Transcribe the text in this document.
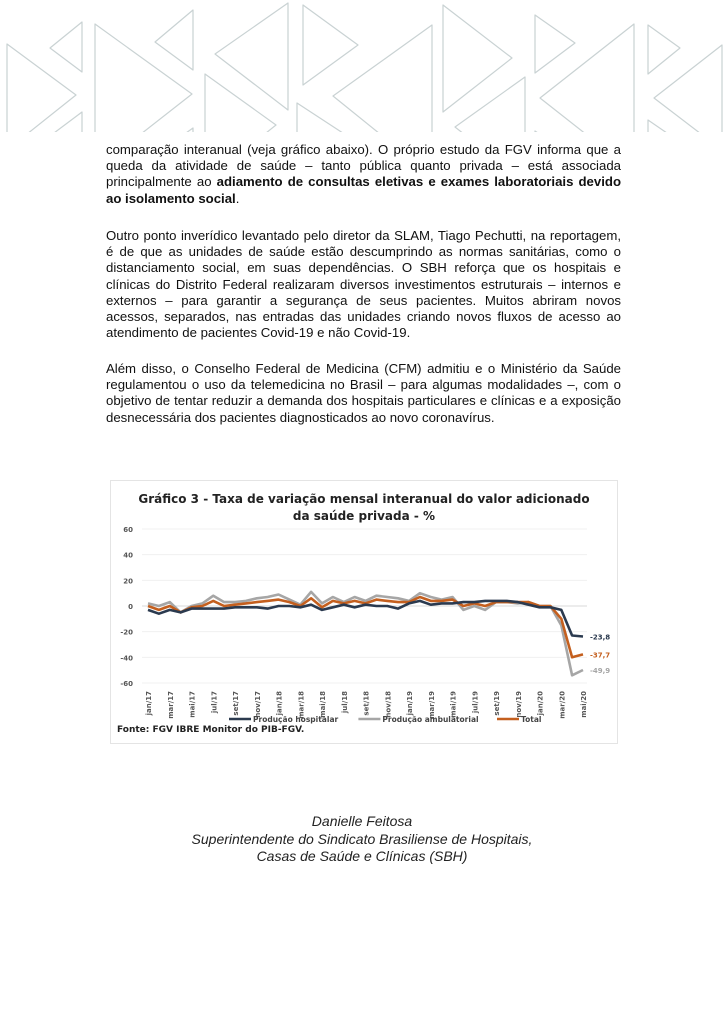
comparação interanual (veja gráfico abaixo). O próprio estudo da FGV informa que a queda da atividade de saúde – tanto pública quanto privada – está associada principalmente ao adiamento de consultas eletivas e exames laboratoriais devido ao isolamento social.
Outro ponto inverídico levantado pelo diretor da SLAM, Tiago Pechutti, na reportagem, é de que as unidades de saúde estão descumprindo as normas sanitárias, como o distanciamento social, em suas dependências. O SBH reforça que os hospitais e clínicas do Distrito Federal realizaram diversos investimentos estruturais – internos e externos – para garantir a segurança de seus pacientes. Muitos abriram novos acessos, separados, nas entradas das unidades criando novos fluxos de acesso ao atendimento de pacientes Covid-19 e não Covid-19.
Além disso, o Conselho Federal de Medicina (CFM) admitiu e o Ministério da Saúde regulamentou o uso da telemedicina no Brasil – para algumas modalidades –, com o objetivo de tentar reduzir a demanda dos hospitais particulares e clínicas e a exposição desnecessária dos pacientes diagnosticados ao novo coronavírus.
Gráfico 3 - Taxa de variação mensal interanual do valor adicionado
da saúde privada - %
60
40
20
0
-20
-40
-60
jan/17 mar/17 mai/17 jul/17 set/17 nov/17 jan/18 mar/18 mai/18 jul/18 set/18 nov/18 jan/19 mar/19 mai/19 jul/19 set/19 nov/19 jan/20 mar/20 mai/20
-23,8
-37,7
-49,9
Produção hospitalar	Produção ambulatorial	Total
Fonte: FGV IBRE Monitor do PIB-FGV.
Danielle Feitosa
Superintendente do Sindicato Brasiliense de Hospitais,
Casas de Saúde e Clínicas (SBH)
